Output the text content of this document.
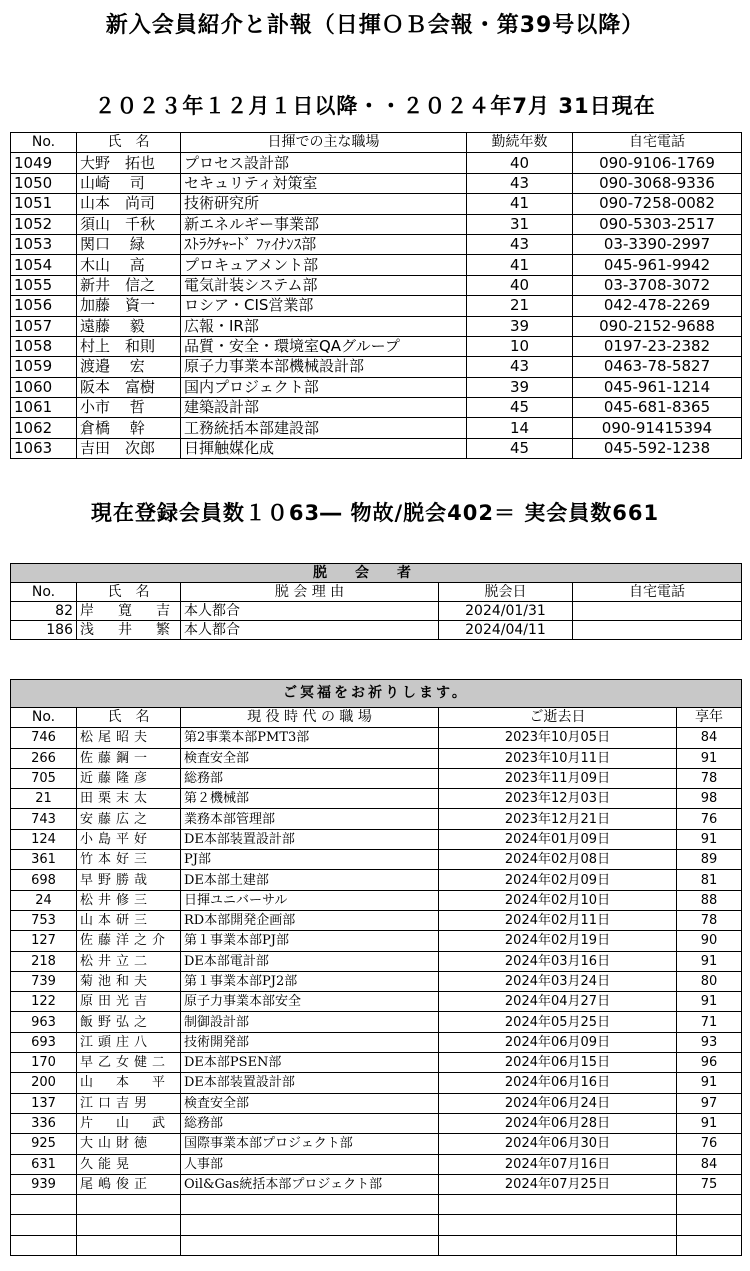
新入会員紹介と訃報（日揮ＯＢ会報・第39号以降）
２０２３年１２月１日以降・・２０２４年7月 31日現在
No.	氏　名	日揮での主な職場	勤続年数	自宅電話
1049	大野　拓也	プロセス設計部	40	090-9106-1769
1050	山崎　 司	セキュリティ対策室	43	090-3068-9336
1051	山本　尚司	技術研究所	41	090-7258-0082
1052	須山　千秋	新エネルギー事業部	31	090-5303-2517
1053	関口　 緑	ｽﾄﾗｸﾁｬｰﾄﾞ ﾌｧｲﾅﾝｽ部	43	03-3390-2997
1054	木山　 高	プロキュアメント部	41	045-961-9942
1055	新井　信之	電気計装システム部	40	03-3708-3072
1056	加藤　資一	ロシア・CIS営業部	21	042-478-2269
1057	遠藤　 毅	広報・IR部	39	090-2152-9688
1058	村上　和則	品質・安全・環境室QAグループ	10	0197-23-2382
1059	渡邉　 宏	原子力事業本部機械設計部	43	0463-78-5827
1060	阪本　富樹	国内プロジェクト部	39	045-961-1214
1061	小市　 哲	建築設計部	45	045-681-8365
1062	倉橋　 幹	工務統括本部建設部	14	090-91415394
1063	吉田　次郎	日揮触媒化成	45	045-592-1238
現在登録会員数１０63― 物故/脱会402＝ 実会員数661
脱会者				
No.	氏　名	脱 会 理 由	脱会日	自宅電話
82	岸　寛　吉	本人都合	2024/01/31	
186	浅　井　繁	本人都合	2024/04/11	
ご冥福をお祈りします。				
No.	氏　名	現 役 時 代 の 職 場	ご逝去日	享年
746	松尾昭夫	第2事業本部PMT3部	2023年10月05日	84
266	佐藤鋼一	検査安全部	2023年10月11日	91
705	近藤隆彦	総務部	2023年11月09日	78
21	田栗末太	第２機械部	2023年12月03日	98
743	安藤広之	業務本部管理部	2023年12月21日	76
124	小島平好	DE本部装置設計部	2024年01月09日	91
361	竹本好三	PJ部	2024年02月08日	89
698	早野勝哉	DE本部土建部	2024年02月09日	81
24	松井修三	日揮ユニバーサル	2024年02月10日	88
753	山本研三	RD本部開発企画部	2024年02月11日	78
127	佐藤洋之介	第１事業本部PJ部	2024年02月19日	90
218	松井立二	DE本部電計部	2024年03月16日	91
739	菊池和夫	第１事業本部PJ2部	2024年03月24日	80
122	原田光吉	原子力事業本部安全	2024年04月27日	91
963	飯野弘之	制御設計部	2024年05月25日	71
693	江頭庄八	技術開発部	2024年06月09日	93
170	早乙女健二	DE本部PSEN部	2024年06月15日	96
200	山　本　平	DE本部装置設計部	2024年06月16日	91
137	江口吉男	検査安全部	2024年06月24日	97
336	片　山　武	総務部	2024年06月28日	91
925	大山財徳	国際事業本部プロジェクト部	2024年06月30日	76
631	久能晃	人事部	2024年07月16日	84
939	尾嶋俊正	Oil&Gas統括本部プロジェクト部	2024年07月25日	75
